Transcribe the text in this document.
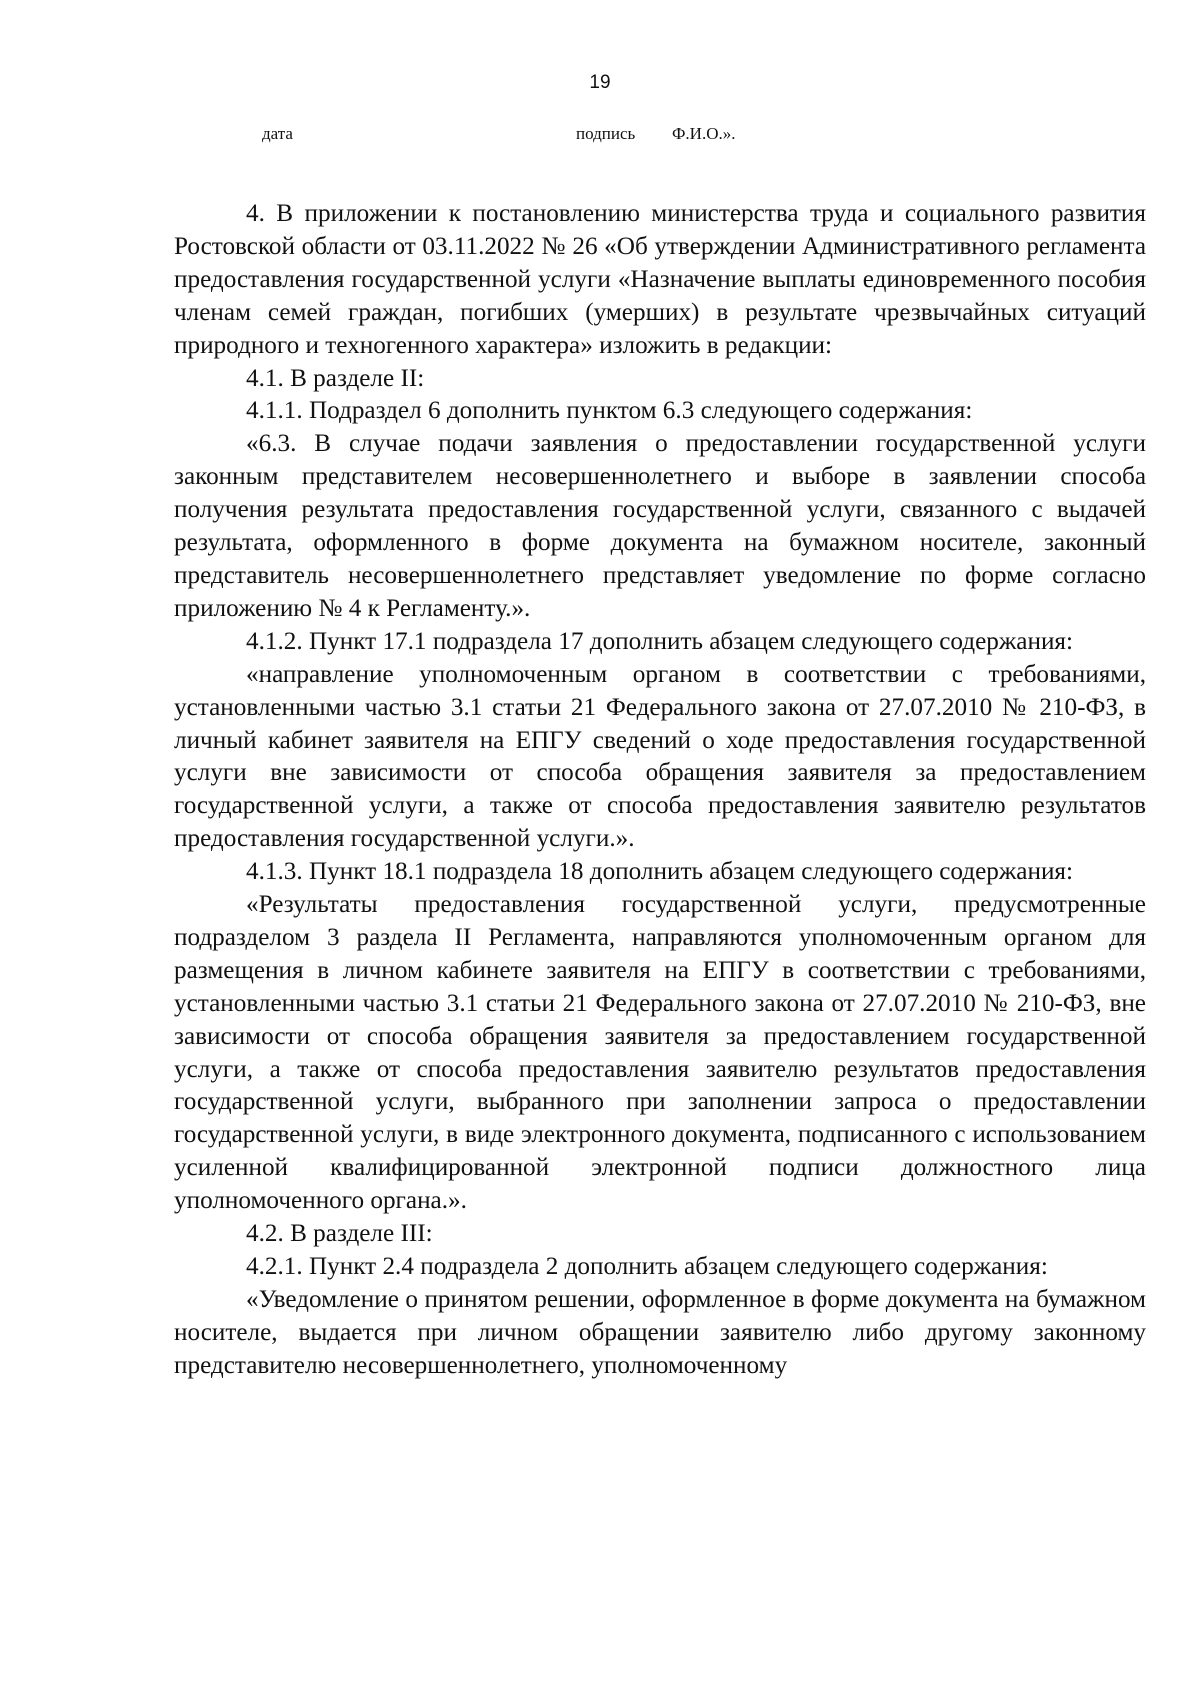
19
дата	подпись Ф.И.О.».

4. В приложении к постановлению министерства труда и социального развития Ростовской области от 03.11.2022 № 26 «Об утверждении Административного регламента предоставления государственной услуги «Назначение выплаты единовременного пособия членам семей граждан, погибших (умерших) в результате чрезвычайных ситуаций природного и техногенного характера» изложить в редакции:

4.1. В разделе II:

4.1.1. Подраздел 6 дополнить пунктом 6.3 следующего содержания:

«6.3. В случае подачи заявления о предоставлении государственной услуги законным представителем несовершеннолетнего и выборе в заявлении способа получения результата предоставления государственной услуги, связанного с выдачей результата, оформленного в форме документа на бумажном носителе, законный представитель несовершеннолетнего представляет уведомление по форме согласно приложению № 4 к Регламенту.».

4.1.2. Пункт 17.1 подраздела 17 дополнить абзацем следующего содержания:

«направление уполномоченным органом в соответствии с требованиями, установленными частью 3.1 статьи 21 Федерального закона от 27.07.2010 № 210-ФЗ, в личный кабинет заявителя на ЕПГУ сведений о ходе предоставления государственной услуги вне зависимости от способа обращения заявителя за предоставлением государственной услуги, а также от способа предоставления заявителю результатов предоставления государственной услуги.».

4.1.3. Пункт 18.1 подраздела 18 дополнить абзацем следующего содержания:

«Результаты предоставления государственной услуги, предусмотренные подразделом 3 раздела II Регламента, направляются уполномоченным органом для размещения в личном кабинете заявителя на ЕПГУ в соответствии с требованиями, установленными частью 3.1 статьи 21 Федерального закона от 27.07.2010 № 210-ФЗ, вне зависимости от способа обращения заявителя за предоставлением государственной услуги, а также от способа предоставления заявителю результатов предоставления государственной услуги, выбранного при заполнении запроса о предоставлении государственной услуги, в виде электронного документа, подписанного с использованием усиленной квалифицированной электронной подписи должностного лица уполномоченного органа.».

4.2. В разделе III:

4.2.1. Пункт 2.4 подраздела 2 дополнить абзацем следующего содержания:

«Уведомление о принятом решении, оформленное в форме документа на бумажном носителе, выдается при личном обращении заявителю либо другому законному представителю несовершеннолетнего, уполномоченному
